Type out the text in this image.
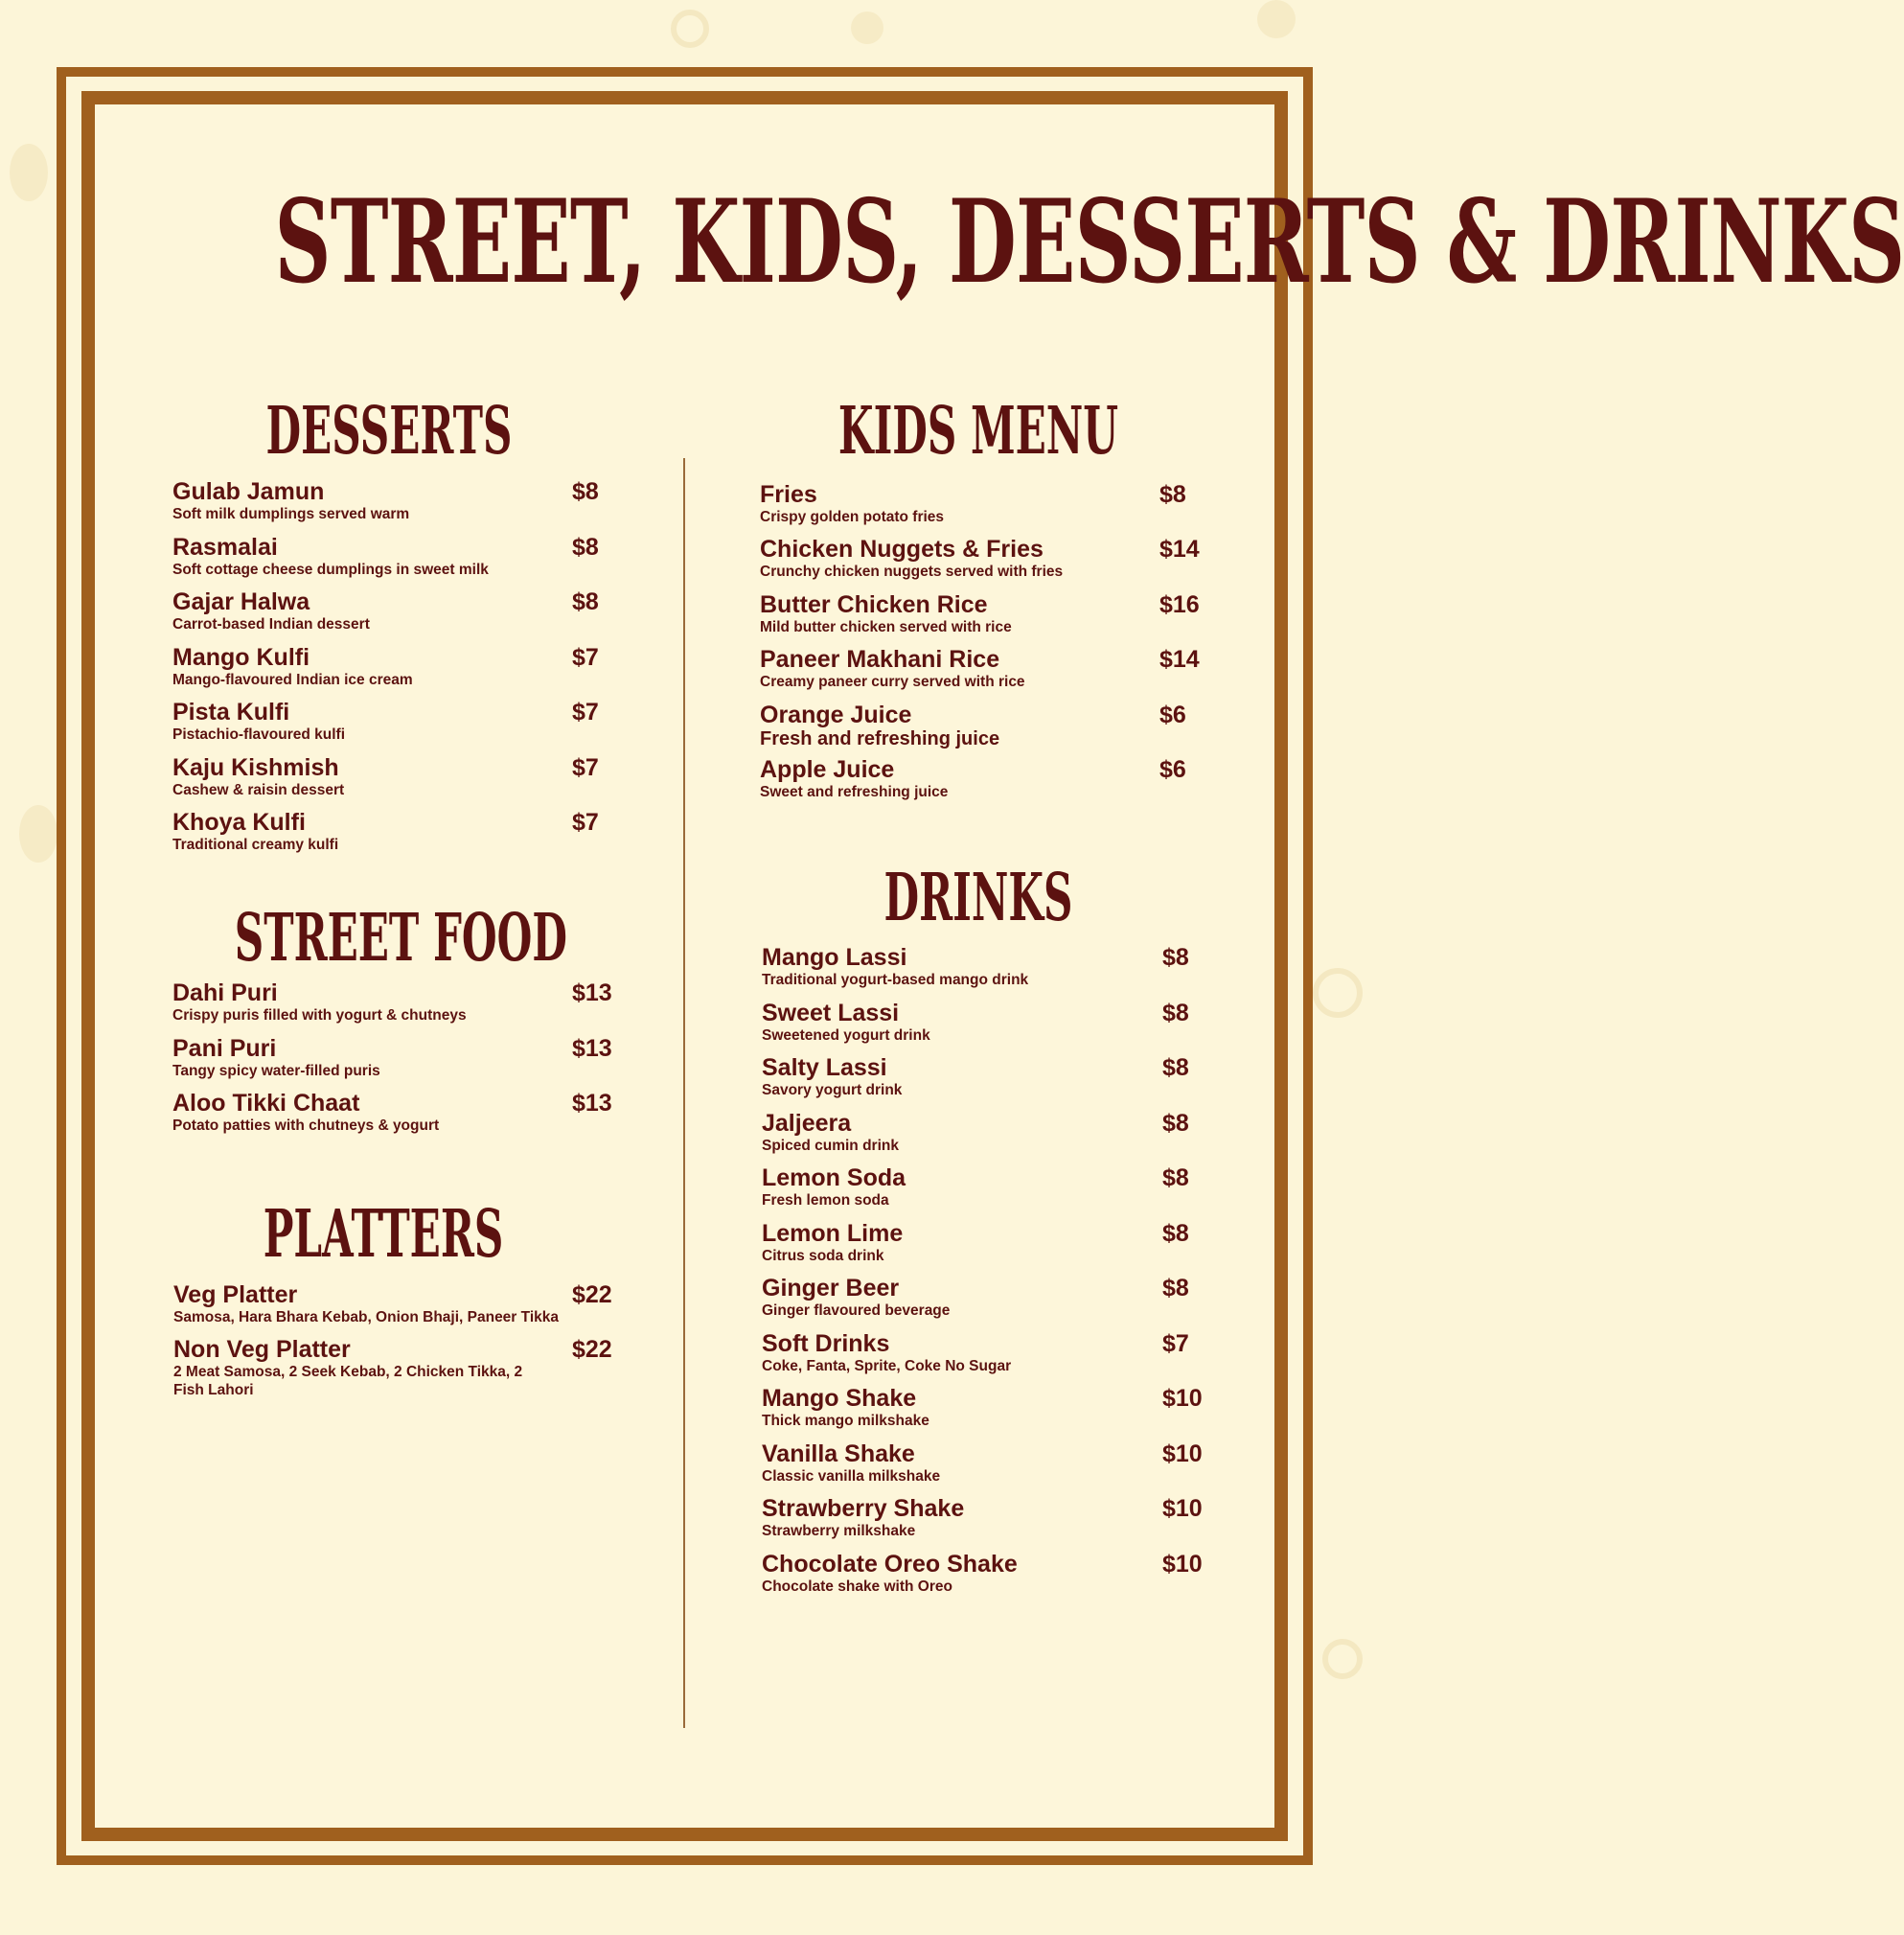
STREET, KIDS, DESSERTS & DRINKS
DESSERTS	KIDS MENU
STREET FOOD
DRINKS
PLATTERS
Gulab Jamun
Soft milk dumplings served warm
$8
Rasmalai
Soft cottage cheese dumplings in sweet milk
$8
Gajar Halwa
Carrot-based Indian dessert
$8
Mango Kulfi
Mango-flavoured Indian ice cream
$7
Pista Kulfi
Pistachio-flavoured kulfi
$7
Kaju Kishmish
Cashew & raisin dessert
$7
Khoya Kulfi
Traditional creamy kulfi
$7
Dahi Puri
Crispy puris filled with yogurt & chutneys
$13
Pani Puri
Tangy spicy water-filled puris
$13
Aloo Tikki Chaat
Potato patties with chutneys & yogurt
$13
Veg Platter
Samosa, Hara Bhara Kebab, Onion Bhaji, Paneer Tikka
$22
Non Veg Platter
2 Meat Samosa, 2 Seek Kebab, 2 Chicken Tikka, 2 Fish Lahori
$22
Fries
Crispy golden potato fries
$8
Chicken Nuggets & Fries
Crunchy chicken nuggets served with fries
$14
Butter Chicken Rice
Mild butter chicken served with rice
$16
Paneer Makhani Rice
Creamy paneer curry served with rice
$14
Orange Juice
Fresh and refreshing juice
$6
Apple Juice
Sweet and refreshing juice
$6
Mango Lassi
Traditional yogurt-based mango drink
$8
Sweet Lassi
Sweetened yogurt drink
$8
Salty Lassi
Savory yogurt drink
$8
Jaljeera
Spiced cumin drink
$8
Lemon Soda
Fresh lemon soda
$8
Lemon Lime
Citrus soda drink
$8
Ginger Beer
Ginger flavoured beverage
$8
Soft Drinks
Coke, Fanta, Sprite, Coke No Sugar
$7
Mango Shake
Thick mango milkshake
$10
Vanilla Shake
Classic vanilla milkshake
$10
Strawberry Shake
Strawberry milkshake
$10
Chocolate Oreo Shake
Chocolate shake with Oreo
$10
